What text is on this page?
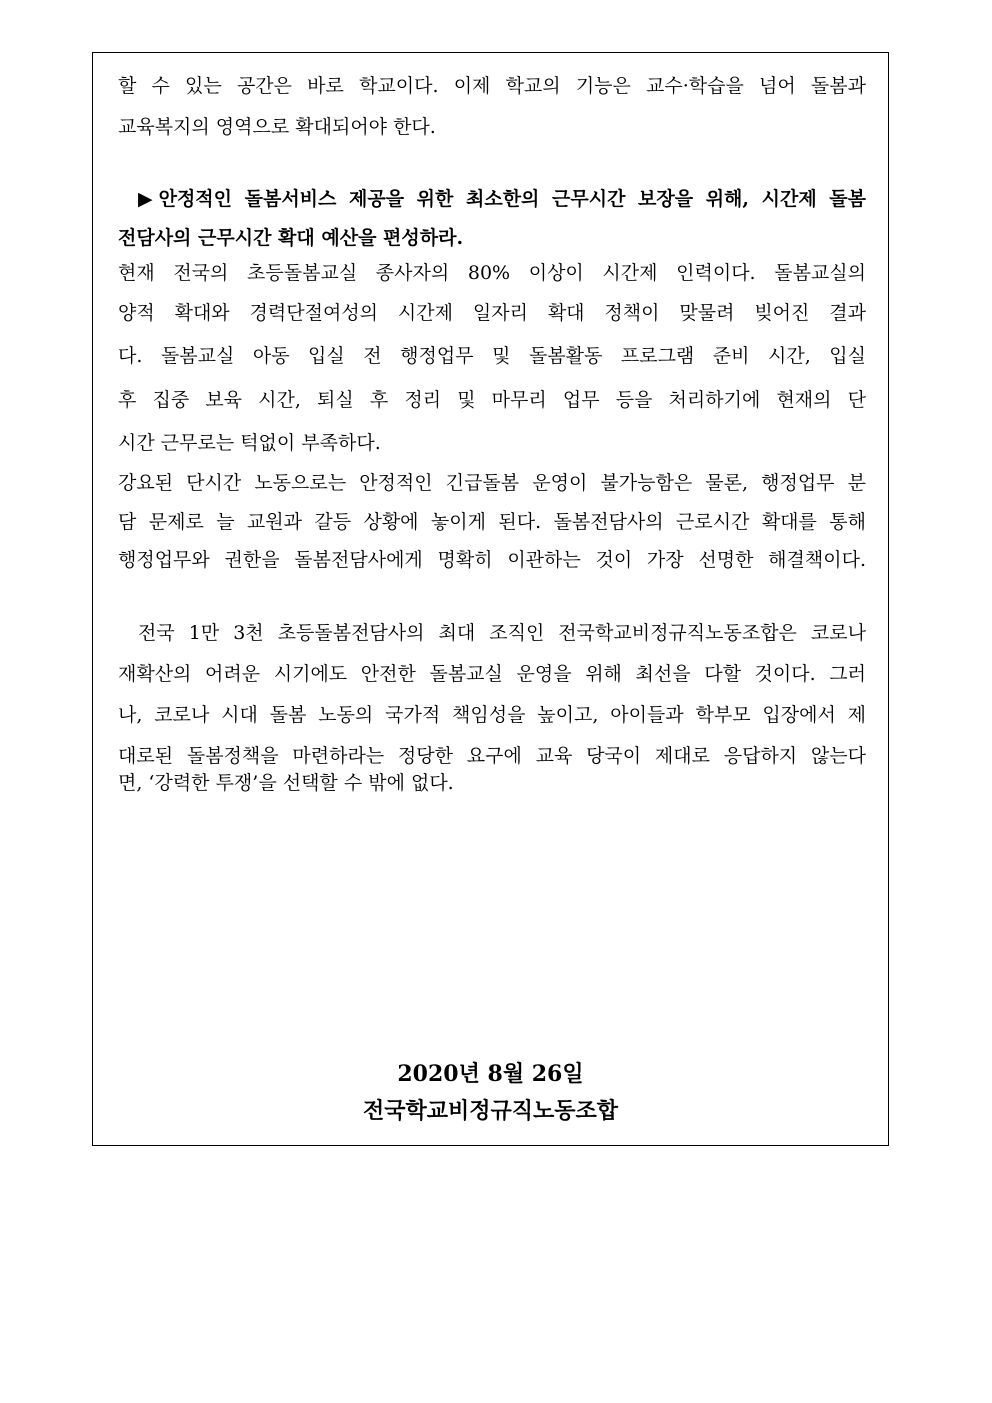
할 수 있는 공간은 바로 학교이다. 이제 학교의 기능은 교수·학습을 넘어 돌봄과
교육복지의 영역으로 확대되어야 한다.
▶안정적인 돌봄서비스 제공을 위한 최소한의 근무시간 보장을 위해, 시간제 돌봄
전담사의 근무시간 확대 예산을 편성하라.
현재 전국의 초등돌봄교실 종사자의 80% 이상이 시간제 인력이다. 돌봄교실의
양적 확대와 경력단절여성의 시간제 일자리 확대 정책이 맞물려 빚어진 결과
다. 돌봄교실 아동 입실 전 행정업무 및 돌봄활동 프로그램 준비 시간, 입실
후 집중 보육 시간, 퇴실 후 정리 및 마무리 업무 등을 처리하기에 현재의 단
시간 근무로는 턱없이 부족하다.
강요된 단시간 노동으로는 안정적인 긴급돌봄 운영이 불가능함은 물론, 행정업무 분
담 문제로 늘 교원과 갈등 상황에 놓이게 된다. 돌봄전담사의 근로시간 확대를 통해
행정업무와 권한을 돌봄전담사에게 명확히 이관하는 것이 가장 선명한 해결책이다.
전국 1만 3천 초등돌봄전담사의 최대 조직인 전국학교비정규직노동조합은 코로나
재확산의 어려운 시기에도 안전한 돌봄교실 운영을 위해 최선을 다할 것이다. 그러
나, 코로나 시대 돌봄 노동의 국가적 책임성을 높이고, 아이들과 학부모 입장에서 제
대로된 돌봄정책을 마련하라는 정당한 요구에 교육 당국이 제대로 응답하지 않는다
면, ‘강력한 투쟁’을 선택할 수 밖에 없다.
2020년 8월 26일
전국학교비정규직노동조합
